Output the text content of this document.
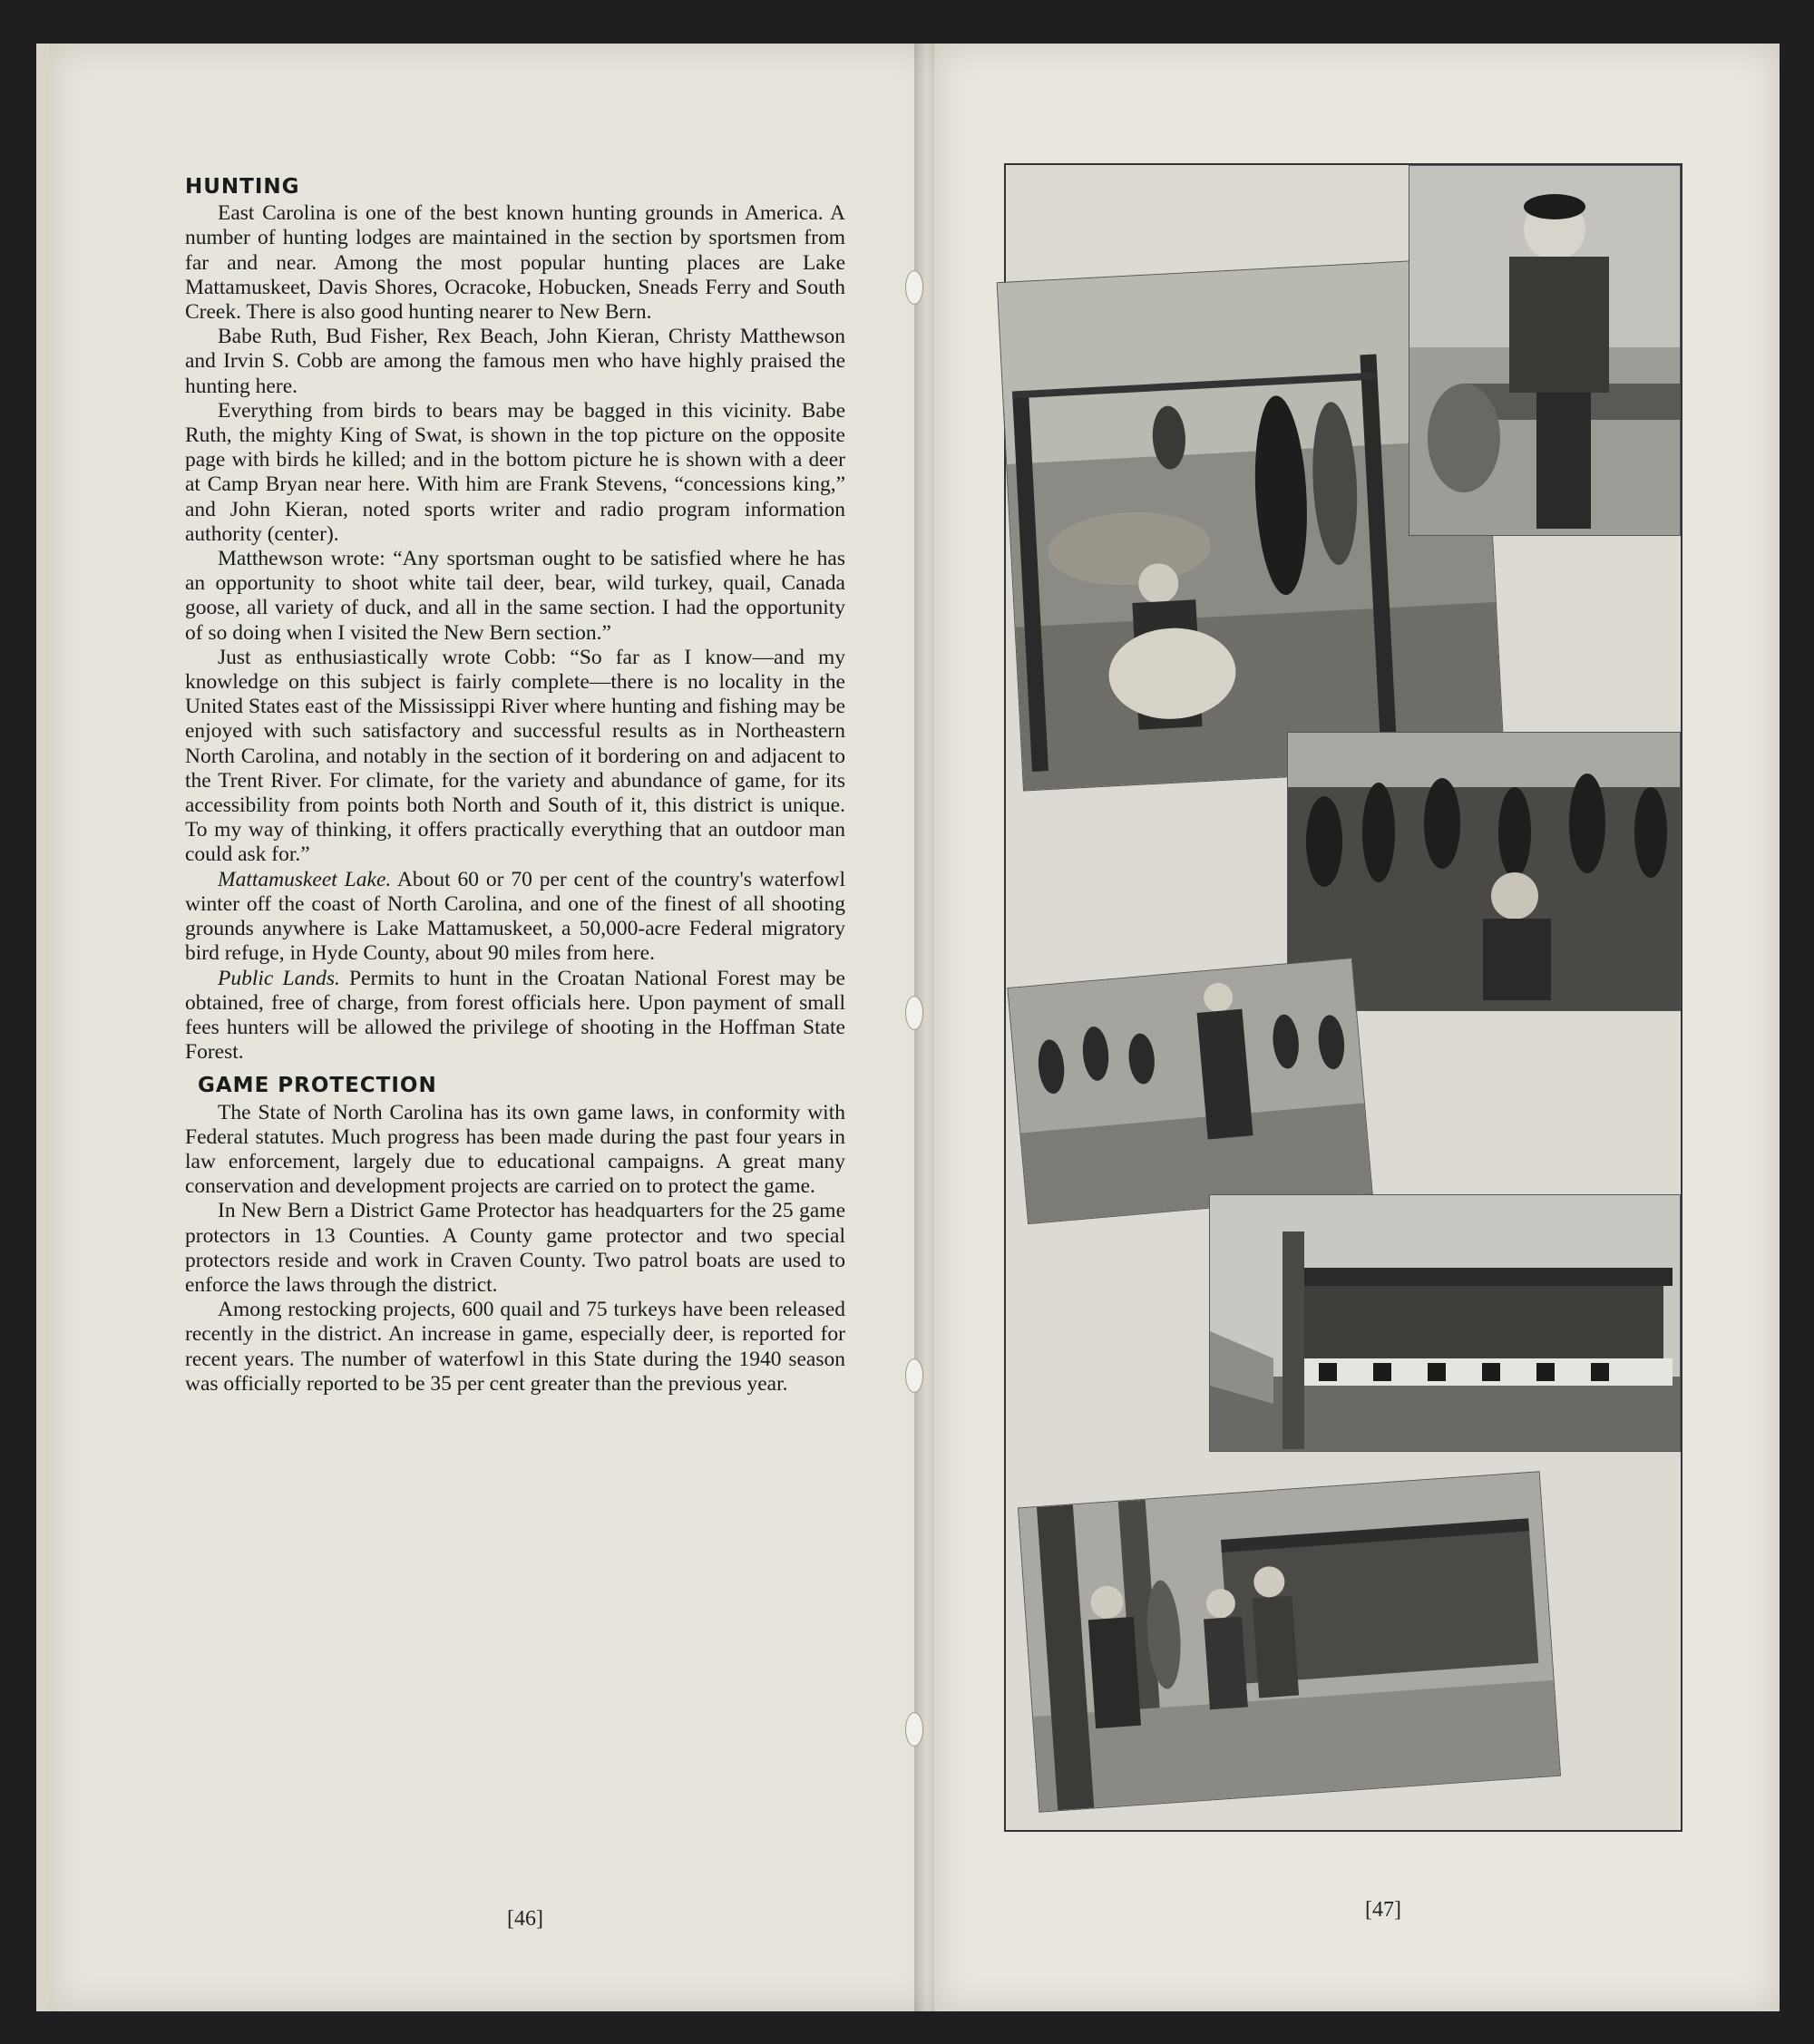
HUNTING

East Carolina is one of the best known hunting grounds in America. A number of hunting lodges are maintained in the section by sportsmen from far and near. Among the most popular hunting places are Lake Mattamuskeet, Davis Shores, Ocracoke, Hobucken, Sneads Ferry and South Creek. There is also good hunting nearer to New Bern.

Babe Ruth, Bud Fisher, Rex Beach, John Kieran, Christy Matthewson and Irvin S. Cobb are among the famous men who have highly praised the hunting here.

Everything from birds to bears may be bagged in this vicinity. Babe Ruth, the mighty King of Swat, is shown in the top picture on the opposite page with birds he killed; and in the bottom picture he is shown with a deer at Camp Bryan near here. With him are Frank Stevens, “concessions king,” and John Kieran, noted sports writer and radio program information authority (center).

Matthewson wrote: “Any sportsman ought to be satisfied where he has an opportunity to shoot white tail deer, bear, wild turkey, quail, Canada goose, all variety of duck, and all in the same section. I had the opportunity of so doing when I visited the New Bern section.”

Just as enthusiastically wrote Cobb: “So far as I know—and my knowledge on this subject is fairly complete—there is no locality in the United States east of the Mississippi River where hunting and fishing may be enjoyed with such satisfactory and successful results as in Northeastern North Carolina, and notably in the section of it bordering on and adjacent to the Trent River. For climate, for the variety and abundance of game, for its accessibility from points both North and South of it, this district is unique. To my way of thinking, it offers practically everything that an outdoor man could ask for.”

Mattamuskeet Lake. About 60 or 70 per cent of the country's waterfowl winter off the coast of North Carolina, and one of the finest of all shooting grounds anywhere is Lake Mattamuskeet, a 50,000-acre Federal migratory bird refuge, in Hyde County, about 90 miles from here.

Public Lands. Permits to hunt in the Croatan National Forest may be obtained, free of charge, from forest officials here. Upon payment of small fees hunters will be allowed the privilege of shooting in the Hoffman State Forest.

GAME PROTECTION

The State of North Carolina has its own game laws, in conformity with Federal statutes. Much progress has been made during the past four years in law enforcement, largely due to educational campaigns. A great many conservation and development projects are carried on to protect the game.

In New Bern a District Game Protector has headquarters for the 25 game protectors in 13 Counties. A County game protector and two special protectors reside and work in Craven County. Two patrol boats are used to enforce the laws through the district.

Among restocking projects, 600 quail and 75 turkeys have been released recently in the district. An increase in game, especially deer, is reported for recent years. The number of waterfowl in this State during the 1940 season was officially reported to be 35 per cent greater than the previous year.

[46]	[47]
